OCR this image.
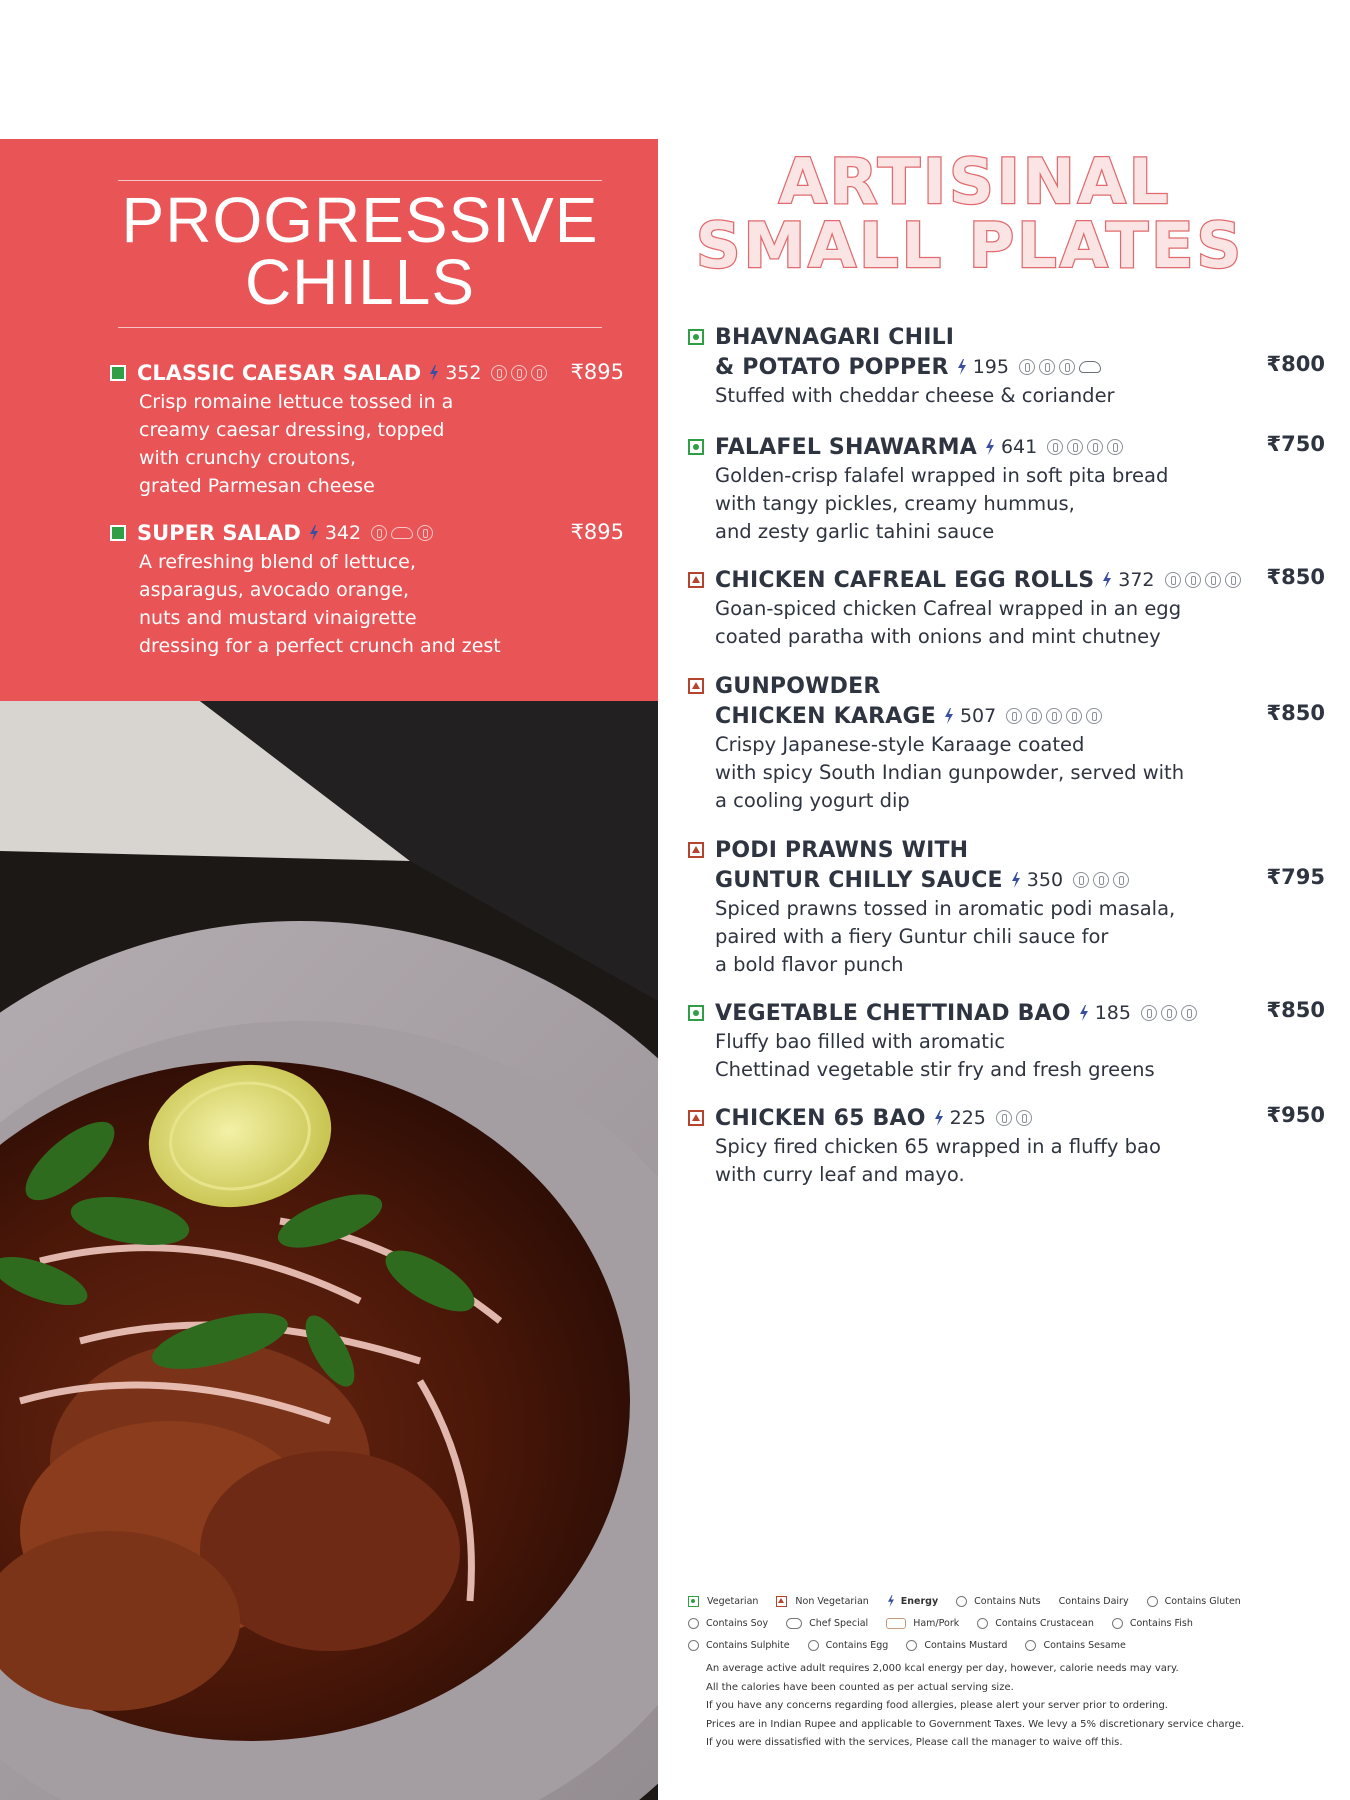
PROGRESSIVE
CHILLS
CLASSIC CAESAR SALAD 352	₹895
Crisp romaine lettuce tossed in a
creamy caesar dressing, topped
with crunchy croutons,
grated Parmesan cheese
SUPER SALAD 342	₹895
A refreshing blend of lettuce,
asparagus, avocado orange,
nuts and mustard vinaigrette
dressing for a perfect crunch and zest
ARTISINAL
SMALL PLATES
BHAVNAGARI CHILI
& POTATO POPPER 195	₹800
Stuffed with cheddar cheese & coriander
FALAFEL SHAWARMA 641	₹750
Golden-crisp falafel wrapped in soft pita bread
with tangy pickles, creamy hummus,
and zesty garlic tahini sauce
CHICKEN CAFREAL EGG ROLLS 372	₹850
Goan-spiced chicken Cafreal wrapped in an egg
coated paratha with onions and mint chutney
GUNPOWDER
CHICKEN KARAGE 507	₹850
Crispy Japanese-style Karaage coated
with spicy South Indian gunpowder, served with
a cooling yogurt dip
PODI PRAWNS WITH
GUNTUR CHILLY SAUCE 350	₹795
Spiced prawns tossed in aromatic podi masala,
paired with a fiery Guntur chili sauce for
a bold flavor punch
VEGETABLE CHETTINAD BAO 185	₹850
Fluffy bao filled with aromatic
Chettinad vegetable stir fry and fresh greens
CHICKEN 65 BAO 225	₹950
Spicy fired chicken 65 wrapped in a fluffy bao
with curry leaf and mayo.
Vegetarian	Non Vegetarian	Energy	Contains Nuts Contains Dairy	Contains Gluten
Contains Soy	Chef Special	Ham/Pork	Contains Crustacean	Contains Fish
Contains Sulphite	Contains Egg	Contains Mustard	Contains Sesame
An average active adult requires 2,000 kcal energy per day, however, calorie needs may vary.
All the calories have been counted as per actual serving size.
If you have any concerns regarding food allergies, please alert your server prior to ordering.
Prices are in Indian Rupee and applicable to Government Taxes. We levy a 5% discretionary service charge.
If you were dissatisfied with the services, Please call the manager to waive off this.
